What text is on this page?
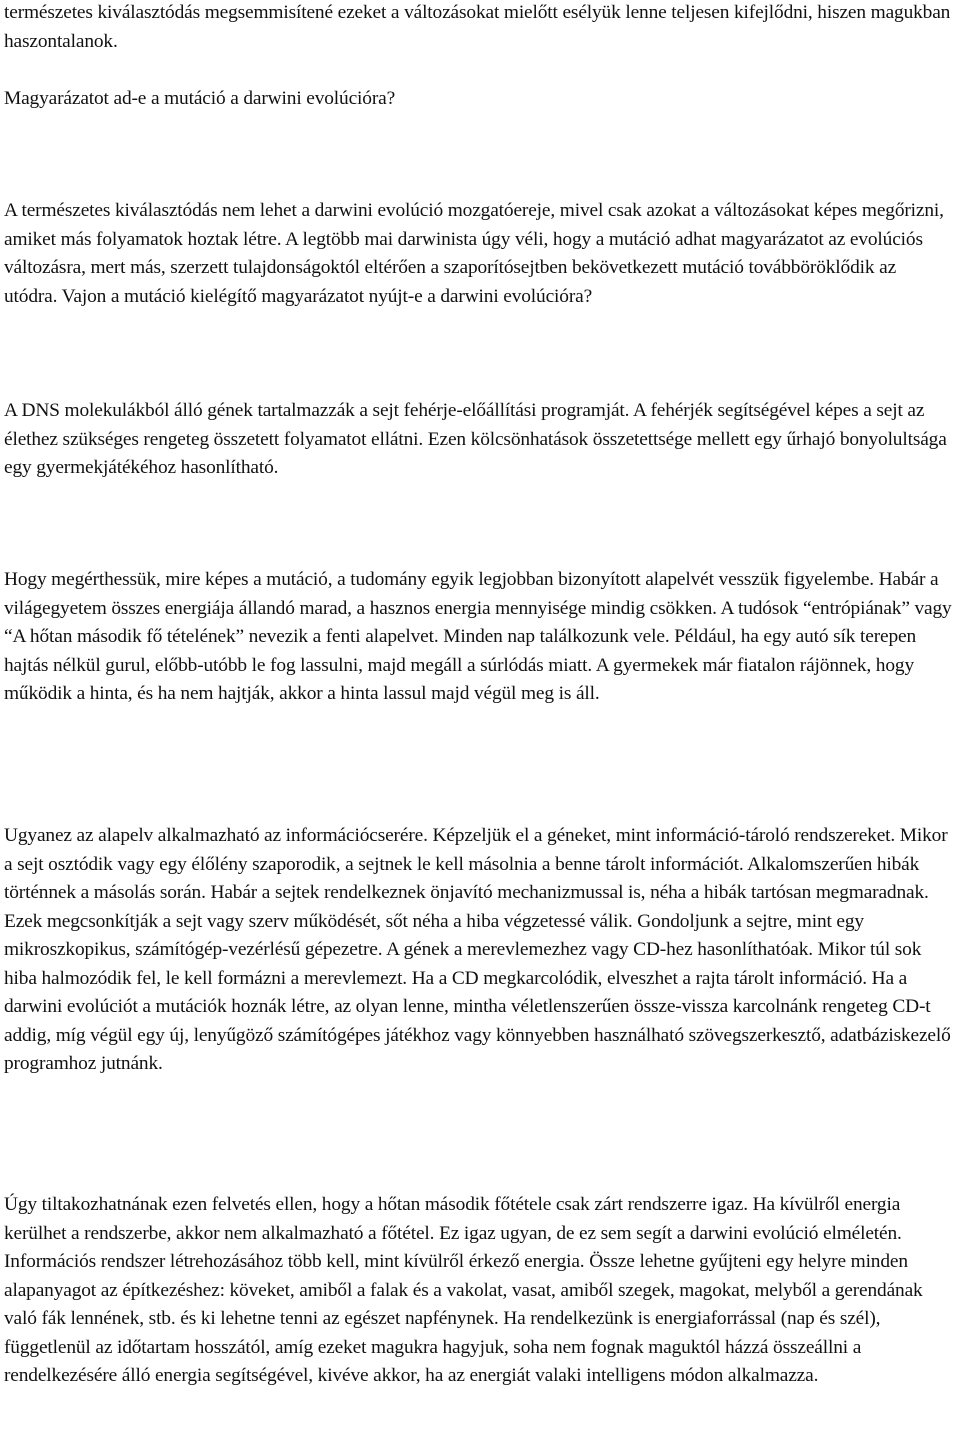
természetes kiválasztódás megsemmisítené ezeket a változásokat mielőtt esélyük lenne teljesen kifejlődni, hiszen magukban haszontalanok.

Magyarázatot ad-e a mutáció a darwini evolúcióra?

A természetes kiválasztódás nem lehet a darwini evolúció mozgatóereje, mivel csak azokat a változásokat képes megőrizni, amiket más folyamatok hoztak létre. A legtöbb mai darwinista úgy véli, hogy a mutáció adhat magyarázatot az evolúciós változásra, mert más, szerzett tulajdonságoktól eltérően a szaporítósejtben bekövetkezett mutáció továbböröklődik az utódra. Vajon a mutáció kielégítő magyarázatot nyújt-e a darwini evolúcióra?

A DNS molekulákból álló gének tartalmazzák a sejt fehérje-előállítási programját. A fehérjék segítségével képes a sejt az élethez szükséges rengeteg összetett folyamatot ellátni. Ezen kölcsönhatások összetettsége mellett egy űrhajó bonyolultsága egy gyermekjátékéhoz hasonlítható.

Hogy megérthessük, mire képes a mutáció, a tudomány egyik legjobban bizonyított alapelvét vesszük figyelembe. Habár a világegyetem összes energiája állandó marad, a hasznos energia mennyisége mindig csökken. A tudósok “entrópiának” vagy “A hőtan második fő tételének” nevezik a fenti alapelvet. Minden nap találkozunk vele. Például, ha egy autó sík terepen hajtás nélkül gurul, előbb-utóbb le fog lassulni, majd megáll a súrlódás miatt. A gyermekek már fiatalon rájönnek, hogy működik a hinta, és ha nem hajtják, akkor a hinta lassul majd végül meg is áll.

Ugyanez az alapelv alkalmazható az információcserére. Képzeljük el a géneket, mint információ-tároló rendszereket. Mikor a sejt osztódik vagy egy élőlény szaporodik, a sejtnek le kell másolnia a benne tárolt információt. Alkalomszerűen hibák történnek a másolás során. Habár a sejtek rendelkeznek önjavító mechanizmussal is, néha a hibák tartósan megmaradnak. Ezek megcsonkítják a sejt vagy szerv működését, sőt néha a hiba végzetessé válik. Gondoljunk a sejtre, mint egy mikroszkopikus, számítógép-vezérlésű gépezetre. A gének a merevlemezhez vagy CD-hez hasonlíthatóak. Mikor túl sok hiba halmozódik fel, le kell formázni a merevlemezt. Ha a CD megkarcolódik, elveszhet a rajta tárolt információ. Ha a darwini evolúciót a mutációk hoznák létre, az olyan lenne, mintha véletlenszerűen össze-vissza karcolnánk rengeteg CD-t addig, míg végül egy új, lenyűgöző számítógépes játékhoz vagy könnyebben használható szövegszerkesztő, adatbáziskezelő programhoz jutnánk.

Úgy tiltakozhatnának ezen felvetés ellen, hogy a hőtan második főtétele csak zárt rendszerre igaz. Ha kívülről energia kerülhet a rendszerbe, akkor nem alkalmazható a főtétel. Ez igaz ugyan, de ez sem segít a darwini evolúció elméletén. Információs rendszer létrehozásához több kell, mint kívülről érkező energia. Össze lehetne gyűjteni egy helyre minden alapanyagot az építkezéshez: köveket, amiből a falak és a vakolat, vasat, amiből szegek, magokat, melyből a gerendának való fák lennének, stb. és ki lehetne tenni az egészet napfénynek. Ha rendelkezünk is energiaforrással (nap és szél), függetlenül az időtartam hosszától, amíg ezeket magukra hagyjuk, soha nem fognak maguktól házzá összeállni a rendelkezésére álló energia segítségével, kivéve akkor, ha az energiát valaki intelligens módon alkalmazza.
